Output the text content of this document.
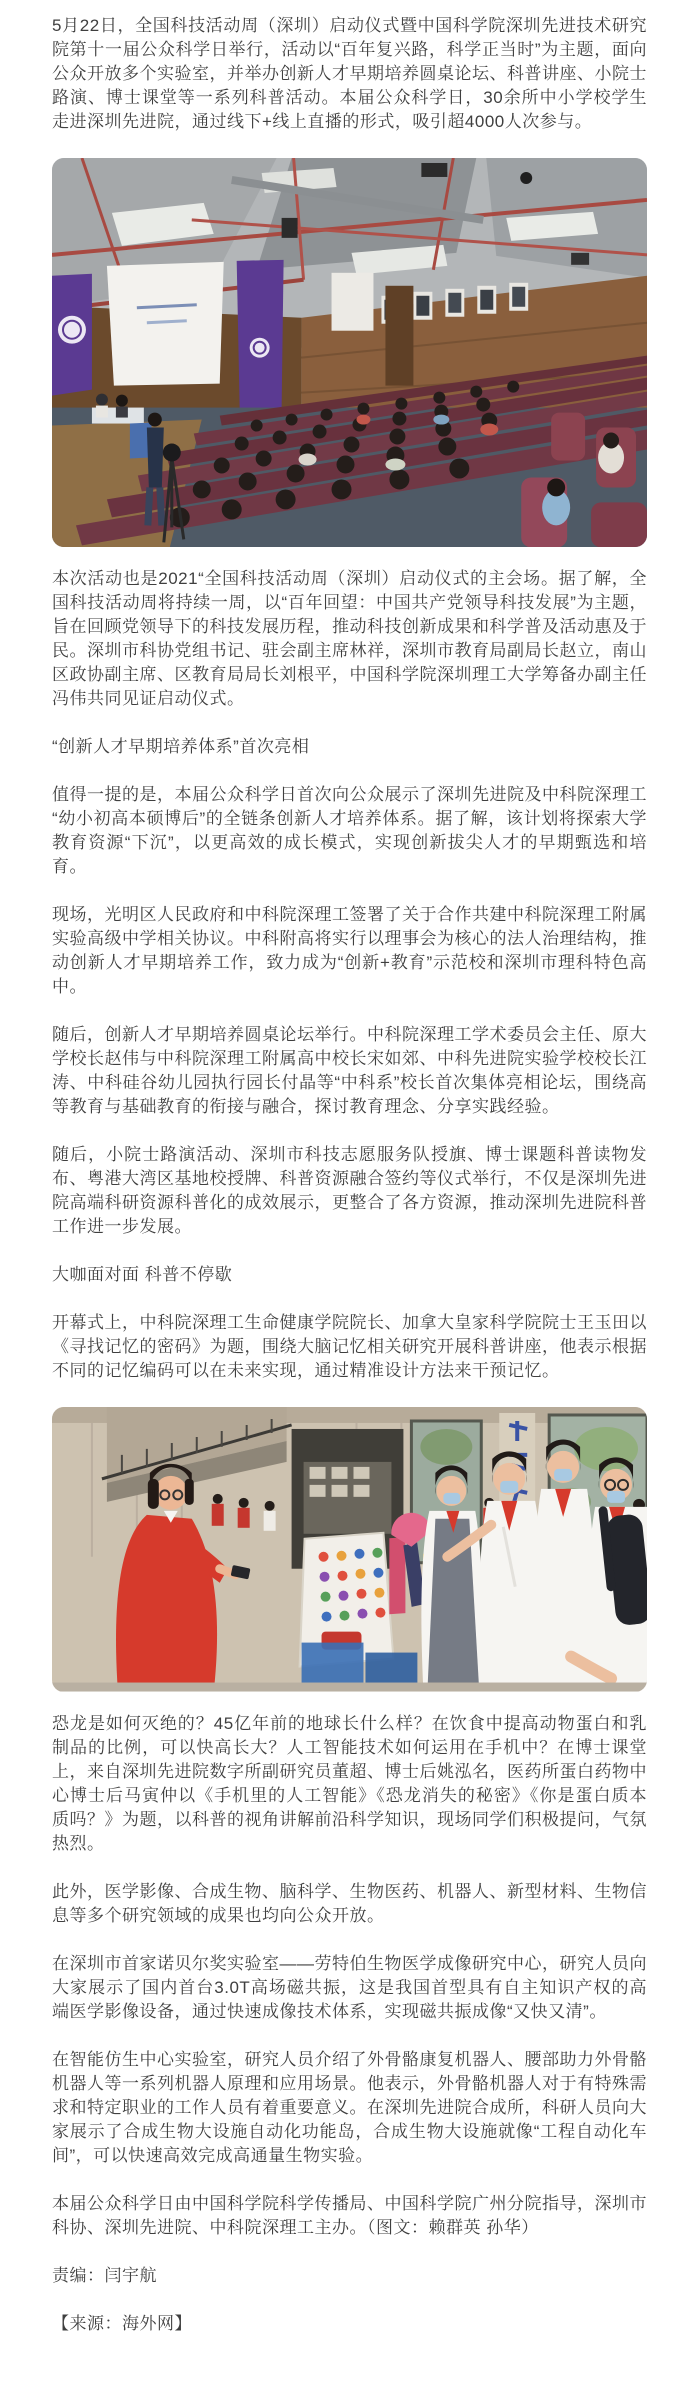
5月22日，全国科技活动周（深圳）启动仪式暨中国科学院深圳先进技术研究院第十一届公众科学日举行，活动以“百年复兴路，科学正当时”为主题，面向公众开放多个实验室，并举办创新人才早期培养圆桌论坛、科普讲座、小院士路演、博士课堂等一系列科普活动。本届公众科学日，30余所中小学校学生走进深圳先进院，通过线下+线上直播的形式，吸引超4000人次参与。

本次活动也是2021“全国科技活动周（深圳）启动仪式的主会场。据了解，全国科技活动周将持续一周，以“百年回望：中国共产党领导科技发展”为主题，旨在回顾党领导下的科技发展历程，推动科技创新成果和科学普及活动惠及于民。深圳市科协党组书记、驻会副主席林祥，深圳市教育局副局长赵立，南山区政协副主席、区教育局局长刘根平，中国科学院深圳理工大学筹备办副主任冯伟共同见证启动仪式。

“创新人才早期培养体系”首次亮相

值得一提的是，本届公众科学日首次向公众展示了深圳先进院及中科院深理工“幼小初高本硕博后”的全链条创新人才培养体系。据了解，该计划将探索大学教育资源“下沉”，以更高效的成长模式，实现创新拔尖人才的早期甄选和培育。

现场，光明区人民政府和中科院深理工签署了关于合作共建中科院深理工附属实验高级中学相关协议。中科附高将实行以理事会为核心的法人治理结构，推动创新人才早期培养工作，致力成为“创新+教育”示范校和深圳市理科特色高中。

随后，创新人才早期培养圆桌论坛举行。中科院深理工学术委员会主任、原大学校长赵伟与中科院深理工附属高中校长宋如郊、中科先进院实验学校校长江涛、中科硅谷幼儿园执行园长付晶等“中科系”校长首次集体亮相论坛，围绕高等教育与基础教育的衔接与融合，探讨教育理念、分享实践经验。

随后，小院士路演活动、深圳市科技志愿服务队授旗、博士课题科普读物发布、粤港大湾区基地校授牌、科普资源融合签约等仪式举行，不仅是深圳先进院高端科研资源科普化的成效展示，更整合了各方资源，推动深圳先进院科普工作进一步发展。

大咖面对面 科普不停歇

开幕式上，中科院深理工生命健康学院院长、加拿大皇家科学院院士王玉田以《寻找记忆的密码》为题，围绕大脑记忆相关研究开展科普讲座，他表示根据不同的记忆编码可以在未来实现，通过精准设计方法来干预记忆。

恐龙是如何灭绝的？45亿年前的地球长什么样？在饮食中提高动物蛋白和乳制品的比例，可以快高长大？人工智能技术如何运用在手机中？在博士课堂上，来自深圳先进院数字所副研究员董超、博士后姚泓名，医药所蛋白药物中心博士后马寅仲以《手机里的人工智能》《恐龙消失的秘密》《你是蛋白质本质吗？》为题，以科普的视角讲解前沿科学知识，现场同学们积极提问，气氛热烈。

此外，医学影像、合成生物、脑科学、生物医药、机器人、新型材料、生物信息等多个研究领域的成果也均向公众开放。

在深圳市首家诺贝尔奖实验室——劳特伯生物医学成像研究中心，研究人员向大家展示了国内首台3.0T高场磁共振，这是我国首型具有自主知识产权的高端医学影像设备，通过快速成像技术体系，实现磁共振成像“又快又清”。

在智能仿生中心实验室，研究人员介绍了外骨骼康复机器人、腰部助力外骨骼机器人等一系列机器人原理和应用场景。他表示，外骨骼机器人对于有特殊需求和特定职业的工作人员有着重要意义。在深圳先进院合成所，科研人员向大家展示了合成生物大设施自动化功能岛，合成生物大设施就像“工程自动化车间”，可以快速高效完成高通量生物实验。

本届公众科学日由中国科学院科学传播局、中国科学院广州分院指导，深圳市科协、深圳先进院、中科院深理工主办。（图文：赖群英 孙华）

责编：闫宇航

【来源：海外网】
